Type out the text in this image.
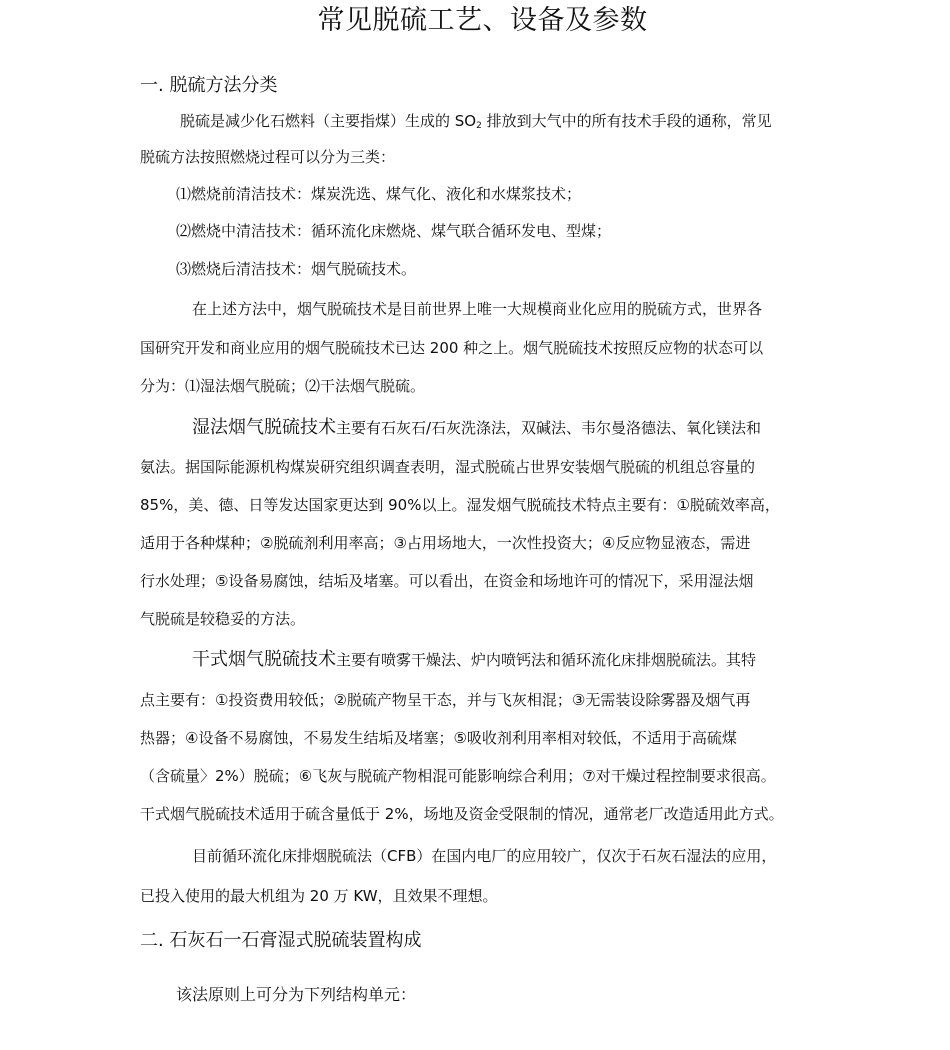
常见脱硫工艺、设备及参数
一. 脱硫方法分类
脱硫是减少化石燃料（主要指煤）生成的 $SO_2$ 排放到大气中的所有技术手段的通称，常见
脱硫方法按照燃烧过程可以分为三类：
⑴燃烧前清洁技术：煤炭洗选、煤气化、液化和水煤浆技术；
⑵燃烧中清洁技术：循环流化床燃烧、煤气联合循环发电、型煤；
⑶燃烧后清洁技术：烟气脱硫技术。
在上述方法中，烟气脱硫技术是目前世界上唯一大规模商业化应用的脱硫方式，世界各
国研究开发和商业应用的烟气脱硫技术已达 200 种之上。烟气脱硫技术按照反应物的状态可以
分为：⑴湿法烟气脱硫；⑵干法烟气脱硫。
湿法烟气脱硫技术主要有石灰石/石灰洗涤法，双碱法、韦尔曼洛德法、氧化镁法和
氨法。据国际能源机构煤炭研究组织调查表明，湿式脱硫占世界安装烟气脱硫的机组总容量的
85%，美、德、日等发达国家更达到 90%以上。湿发烟气脱硫技术特点主要有：①脱硫效率高，
适用于各种煤种；②脱硫剂利用率高；③占用场地大，一次性投资大；④反应物显液态，需进
行水处理；⑤设备易腐蚀，结垢及堵塞。可以看出，在资金和场地许可的情况下，采用湿法烟
气脱硫是较稳妥的方法。
干式烟气脱硫技术主要有喷雾干燥法、炉内喷钙法和循环流化床排烟脱硫法。其特
点主要有：①投资费用较低；②脱硫产物呈干态，并与飞灰相混；③无需装设除雾器及烟气再
热器；④设备不易腐蚀，不易发生结垢及堵塞；⑤吸收剂利用率相对较低，不适用于高硫煤
（含硫量〉2%）脱硫；⑥飞灰与脱硫产物相混可能影响综合利用；⑦对干燥过程控制要求很高。
干式烟气脱硫技术适用于硫含量低于 2%，场地及资金受限制的情况，通常老厂改造适用此方式。
目前循环流化床排烟脱硫法（CFB）在国内电厂的应用较广，仅次于石灰石湿法的应用，
已投入使用的最大机组为 20 万 KW，且效果不理想。
二. 石灰石一石膏湿式脱硫装置构成
该法原则上可分为下列结构单元：
